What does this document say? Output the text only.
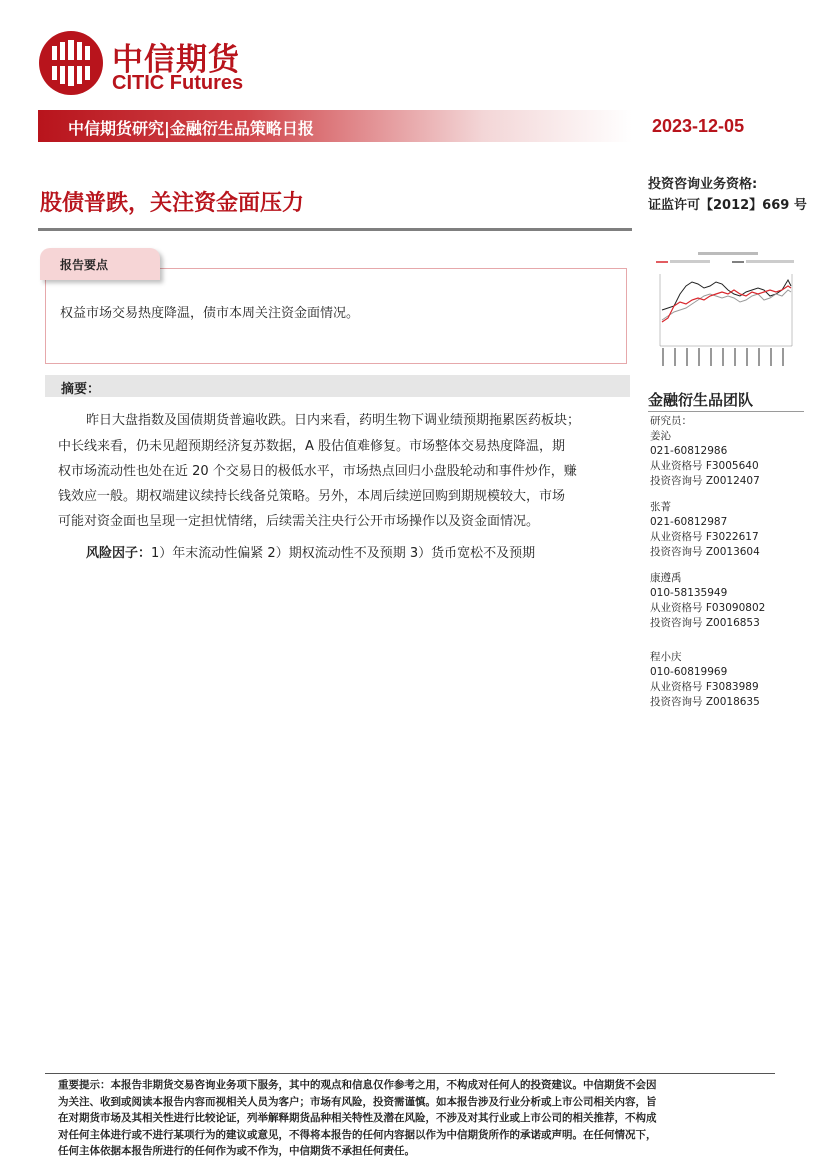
中信期货
CITIC Futures
中信期货研究|金融衍生品策略日报	2023-12-05
股债普跌，关注资金面压力
投资咨询业务资格:
证监许可【2012】669 号
报告要点
权益市场交易热度降温，债市本周关注资金面情况。
摘要：
昨日大盘指数及国债期货普遍收跌。日内来看，药明生物下调业绩预期拖累医药板块；
中长线来看，仍未见超预期经济复苏数据，A 股估值难修复。市场整体交易热度降温，期
权市场流动性也处在近 20 个交易日的极低水平，市场热点回归小盘股轮动和事件炒作，赚
钱效应一般。期权端建议续持长线备兑策略。另外，本周后续逆回购到期规模较大，市场
可能对资金面也呈现一定担忧情绪，后续需关注央行公开市场操作以及资金面情况。
风险因子：1）年末流动性偏紧 2）期权流动性不及预期 3）货币宽松不及预期
金融衍生品团队
研究员：
姜沁
021-60812986
从业资格号 F3005640
投资咨询号 Z0012407
张菁
021-60812987
从业资格号 F3022617
投资咨询号 Z0013604
康遵禹
010-58135949
从业资格号 F03090802
投资咨询号 Z0016853
程小庆
010-60819969
从业资格号 F3083989
投资咨询号 Z0018635
重要提示：本报告非期货交易咨询业务项下服务，其中的观点和信息仅作参考之用，不构成对任何人的投资建议。中信期货不会因
为关注、收到或阅读本报告内容而视相关人员为客户；市场有风险，投资需谨慎。如本报告涉及行业分析或上市公司相关内容，旨
在对期货市场及其相关性进行比较论证，列举解释期货品种相关特性及潜在风险，不涉及对其行业或上市公司的相关推荐，不构成
对任何主体进行或不进行某项行为的建议或意见，不得将本报告的任何内容据以作为中信期货所作的承诺或声明。在任何情况下，
任何主体依据本报告所进行的任何作为或不作为，中信期货不承担任何责任。
